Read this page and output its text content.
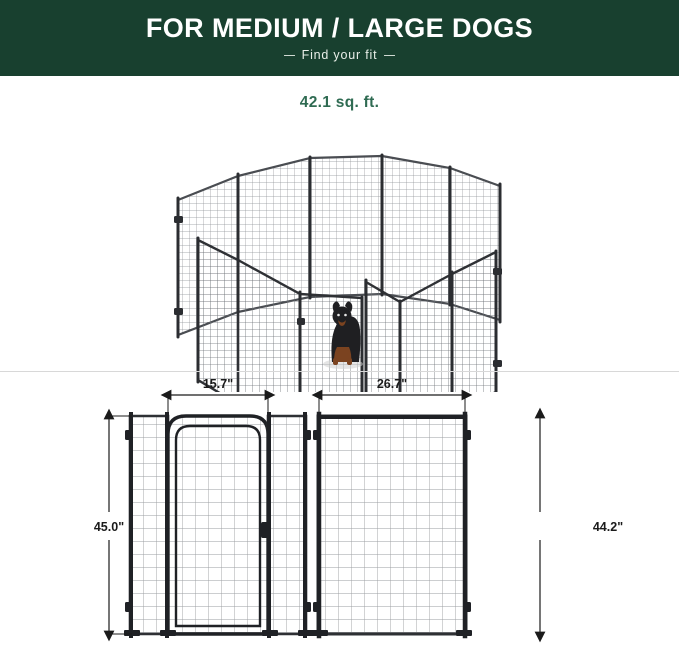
FOR MEDIUM / LARGE DOGS
Find your fit
42.1 sq. ft.
15.7"	26.7"
45.0"	44.2"
